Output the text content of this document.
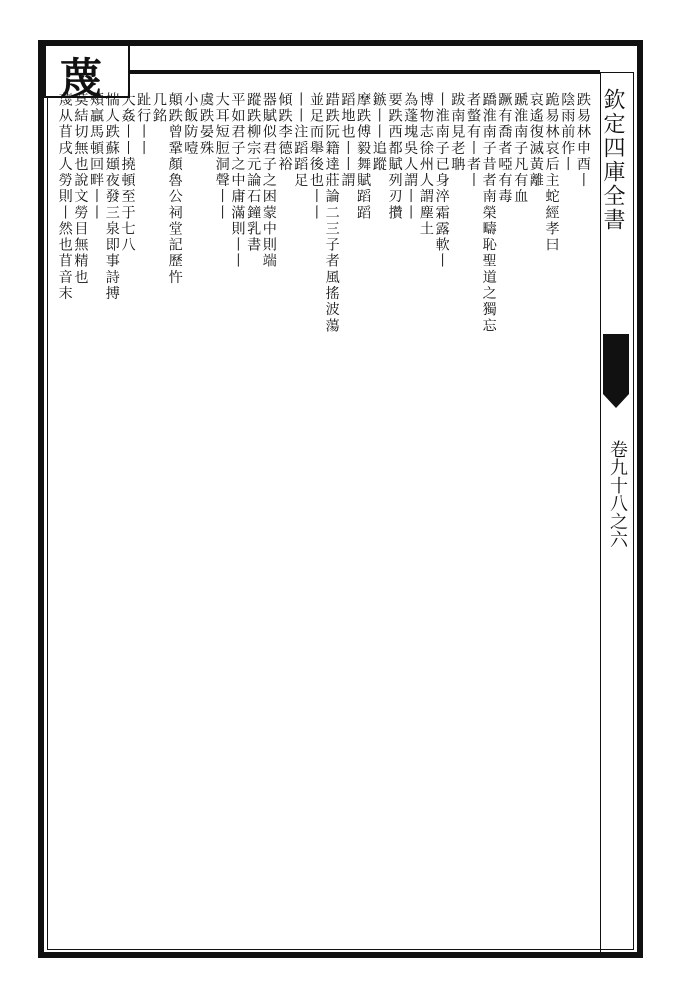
蔑
欽定四庫全書
卷九十八之六
跌易林申酉丨
陰雨前作丨
跪易林哀后主蛇經孝曰
哀遙復滅黃離
蹏淮南子凡有血
蹶有喬者啞有毒
蹻淮南子昔者南榮疇恥聖道之獨忘
者螫有丨者丨
跋南見老聃
丨淮南子已身淬霜露軟丨
博物志徐州人謂塵土
為蓬塊吳人謂丨丨
要跌西都賦列刃攢
鏃丨丨追蹤
摩跌傅毅舞賦蹈蹈
蹈地也丨丨謂
踖跌阮籍達莊論二三子者風搖波蕩
並足而舉後也丨丨
丨丨注蹈蹈足
傾跌李德裕
器賦似君子之困蒙中則端
蹤跌柳宗元論石鐘乳書
平如君子之中庸滿則丨丨
大耳短脰洞聲丨丨
虞跌晏殊
小飯防噎
顛跌曾鞏顏魯公祠堂記歷忤
几銘
趾行丨丨
大姦丨丨撓頓至于七八
惴人跌蘇頲夜發三泉即事詩搏
頰贏馬頓回畔丨丨
莫結切無也說文勞目無精也
蔑从苜戌人勞則丨然也苜音末
